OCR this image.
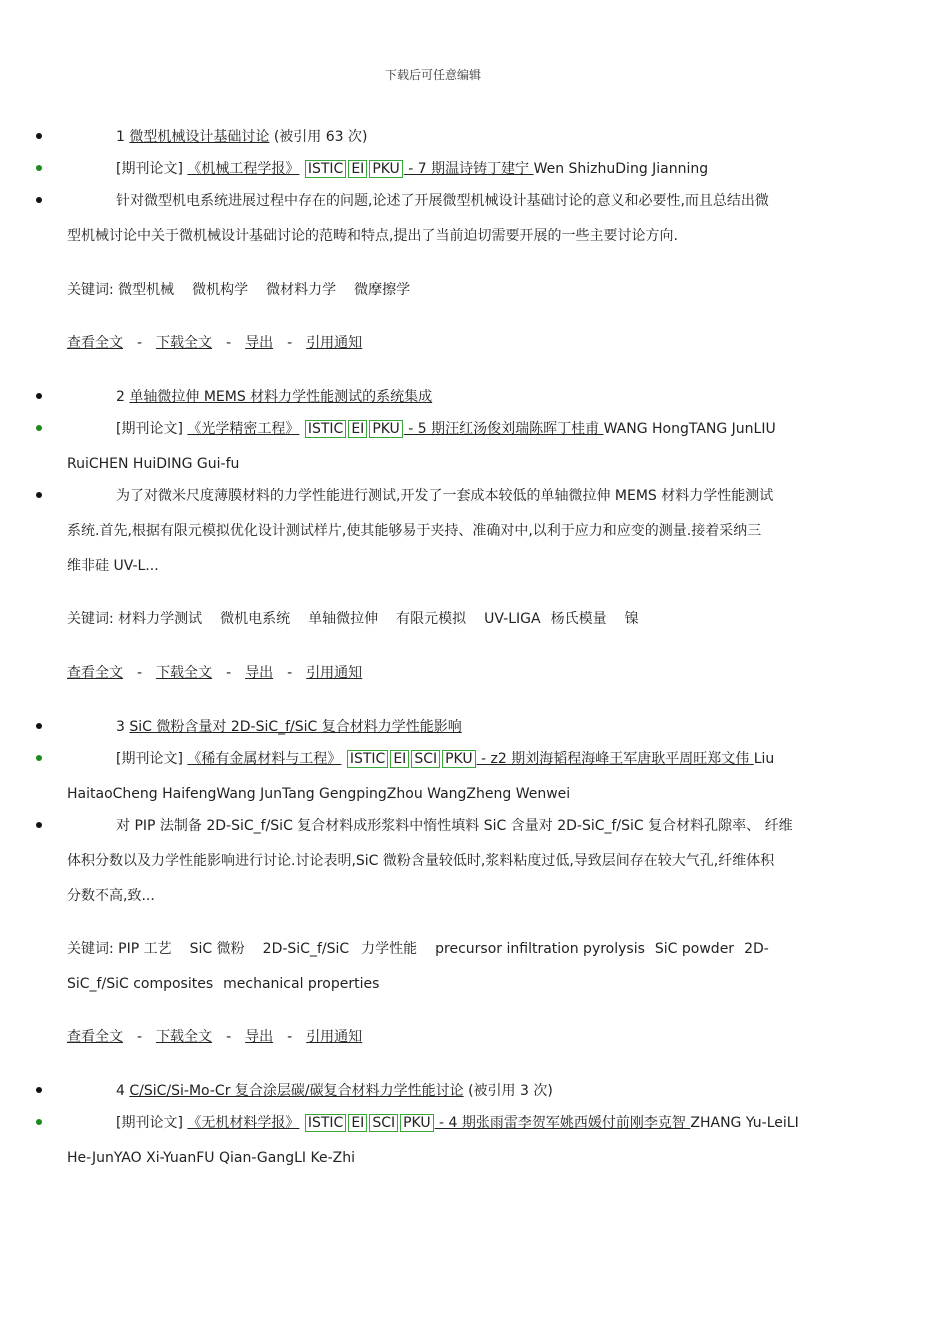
下载后可任意编辑
1 微型机械设计基础讨论 (被引用 63 次)
[期刊论文] 《机械工程学报》 ISTIC EI PKU - 7 期温诗铸丁建宁 Wen ShizhuDing Jianning
针对微型机电系统进展过程中存在的问题,论述了开展微型机械设计基础讨论的意义和必要性,而且总结出微
型机械讨论中关于微机械设计基础讨论的范畴和特点,提出了当前迫切需要开展的一些主要讨论方向.
关键词: 微型机械 微机构学 微材料力学 微摩擦学
查看全文 - 下载全文 - 导出 - 引用通知
2 单轴微拉伸 MEMS 材料力学性能测试的系统集成
[期刊论文] 《光学精密工程》 ISTIC EI PKU - 5 期汪红汤俊刘瑞陈晖丁桂甫 WANG HongTANG JunLIU
RuiCHEN HuiDING Gui-fu
为了对微米尺度薄膜材料的力学性能进行测试,开发了一套成本较低的单轴微拉伸 MEMS 材料力学性能测试
系统.首先,根据有限元模拟优化设计测试样片,使其能够易于夹持、准确对中,以利于应力和应变的测量.接着采纳三
维非硅 UV-L...
关键词: 材料力学测试 微机电系统 单轴微拉伸 有限元模拟 UV-LIGA 杨氏模量 镍
查看全文 - 下载全文 - 导出 - 引用通知
3 SiC 微粉含量对 2D-SiC_f/SiC 复合材料力学性能影响
[期刊论文] 《稀有金属材料与工程》 ISTIC EI SCI PKU - z2 期刘海韬程海峰王军唐耿平周旺郑文伟 Liu
HaitaoCheng HaifengWang JunTang GengpingZhou WangZheng Wenwei
对 PIP 法制备 2D-SiC_f/SiC 复合材料成形浆料中惰性填料 SiC 含量对 2D-SiC_f/SiC 复合材料孔隙率、 纤维
体积分数以及力学性能影响进行讨论.讨论表明,SiC 微粉含量较低时,浆料粘度过低,导致层间存在较大气孔,纤维体积
分数不高,致...
关键词: PIP 工艺 SiC 微粉 2D-SiC_f/SiC 力学性能 precursor infiltration pyrolysis SiC powder 2D-
SiC_f/SiC composites mechanical properties
查看全文 - 下载全文 - 导出 - 引用通知
4 C/SiC/Si-Mo-Cr 复合涂层碳/碳复合材料力学性能讨论 (被引用 3 次)
[期刊论文] 《无机材料学报》 ISTIC EI SCI PKU - 4 期张雨雷李贺军姚西媛付前刚李克智 ZHANG Yu-LeiLI
He-JunYAO Xi-YuanFU Qian-GangLI Ke-Zhi
